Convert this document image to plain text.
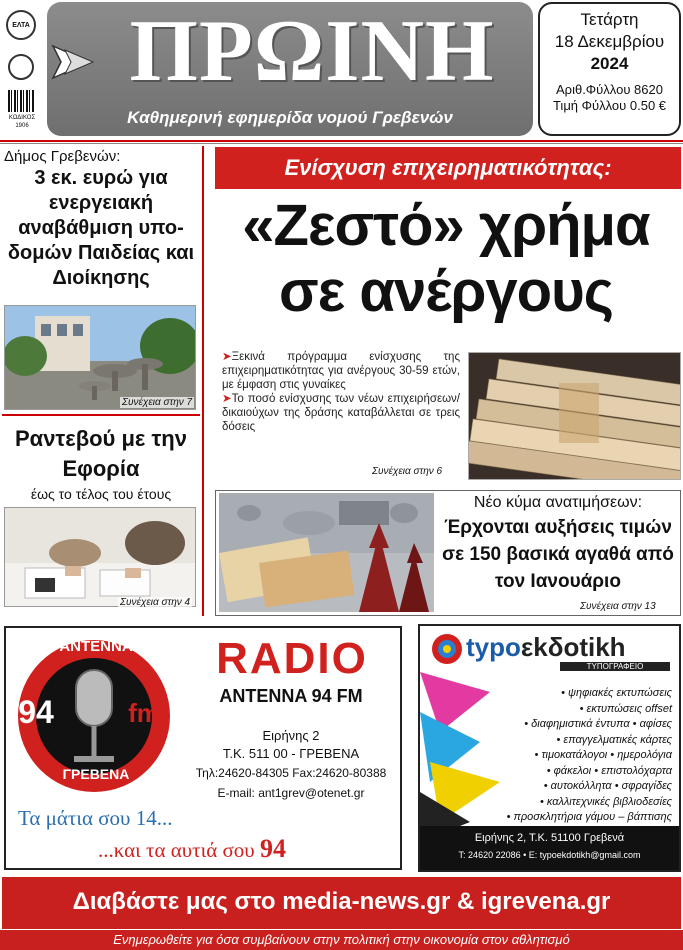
ΕΛΤΑ
ΚΩΔΙΚΟΣ
1906
ΠΡΩΙΝΗ
Καθημερινή εφημερίδα νομού Γρεβενών
Τετάρτη
18 Δεκεμβρίου
2024
Αριθ.Φύλλου 8620
Τιμή Φύλλου 0.50 €
Δήμος Γρεβενών:
3 εκ. ευρώ για ενεργειακή αναβάθμιση υπο-δομών Παιδείας και Διοίκησης
Συνέχεια στην 7
Ραντεβού με την Εφορία
έως το τέλος του έτους
Συνέχεια στην 4
Ενίσχυση επιχειρηματικότητας:
«Ζεστό» χρήμα
σε ανέργους
➤Ξεκινά πρόγραμμα ενίσχυσης της επιχειρηματικότητας για ανέργους 30-59 ετών, με έμφαση στις γυναίκες
➤Το ποσό ενίσχυσης των νέων επιχειρήσεων/δικαιούχων της δράσης καταβάλλεται σε τρεις δόσεις
Συνέχεια στην 6
Νέο κύμα ανατιμήσεων:
Έρχονται αυξήσεις τιμών σε 150 βασικά αγαθά από τον Ιανουάριο
Συνέχεια στην 13
ΑΝΤΕΝΝΑ
94	fm
ΓΡΕΒΕΝΑ
RADIO
ANTENNA 94 FM
Ειρήνης 2
Τ.Κ. 511 00 - ΓΡΕΒΕΝΑ
Τηλ:24620-84305 Fax:24620-80388
E-mail: ant1grev@otenet.gr
Τα μάτια σου 14...
...και τα αυτιά σου 94
typoεkδotikh
ΤΥΠΟΓΡΑΦΕΙΟ
• ψηφιακές εκτυπώσεις
• εκτυπώσεις offset
• διαφημιστικά έντυπα • αφίσες
• επαγγελματικές κάρτες
• τιμοκατάλογοι • ημερολόγια
• φάκελοι • επιστολόχαρτα
• αυτοκόλλητα • σφραγίδες
• καλλιτεχνικές βιβλιοδεσίες
• προσκλητήρια γάμου – βάπτισης
Ειρήνης 2, Τ.Κ. 51100 Γρεβενά
Τ: 24620 22086 • E: typoekdotikh@gmail.com
Διαβάστε μας στο media-news.gr & igrevena.gr
Ενημερωθείτε για όσα συμβαίνουν στην πολιτική στην οικονομία στον αθλητισμό
